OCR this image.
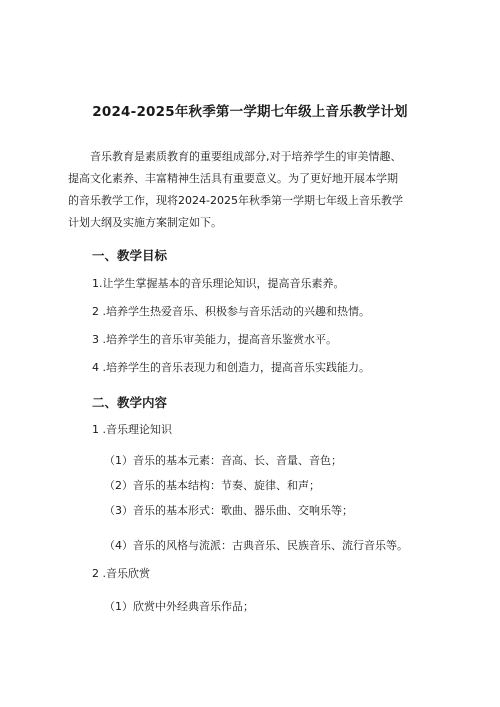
2024-2025年秋季第一学期七年级上音乐教学计划
音乐教育是素质教育的重要组成部分,对于培养学生的审美情趣、
提高文化素养、丰富精神生活具有重要意义。为了更好地开展本学期
的音乐教学工作，现将2024-2025年秋季第一学期七年级上音乐教学
计划大纲及实施方案制定如下。
一、教学目标
1.让学生掌握基本的音乐理论知识，提高音乐素养。
2 .培养学生热爱音乐、积极参与音乐活动的兴趣和热情。
3 .培养学生的音乐审美能力，提高音乐鉴赏水平。
4 .培养学生的音乐表现力和创造力，提高音乐实践能力。
二、教学内容
1 .音乐理论知识
（1）音乐的基本元素：音高、长、音量、音色；
（2）音乐的基本结构：节奏、旋律、和声；
（3）音乐的基本形式：歌曲、器乐曲、交响乐等；
（4）音乐的风格与流派：古典音乐、民族音乐、流行音乐等。
2 .音乐欣赏
（1）欣赏中外经典音乐作品；
